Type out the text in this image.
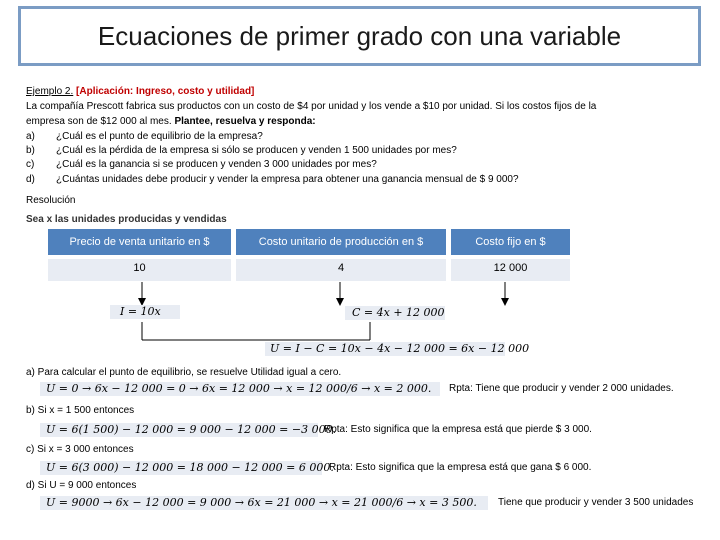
Ecuaciones de primer grado con una variable
Ejemplo 2. [Aplicación: Ingreso, costo y utilidad]
La compañía Prescott fabrica sus productos con un costo de $4 por unidad y los vende a $10 por unidad. Si los costos fijos de la
empresa son de $12 000 al mes. Plantee, resuelva y responda:
a) ¿Cuál es el punto de equilibrio de la empresa?
b) ¿Cuál es la pérdida de la empresa si sólo se producen y venden 1 500 unidades por mes?
c) ¿Cuál es la ganancia si se producen y venden 3 000 unidades por mes?
d) ¿Cuántas unidades debe producir y vender la empresa para obtener una ganancia mensual de $ 9 000?
Resolución
Sea x las unidades producidas y vendidas
Precio de venta unitario en $	Costo unitario de producción en $	Costo fijo en $
10	4	12 000
I = 10x	C = 4x + 12 000
U = I − C = 10x − 4x − 12 000 = 6x − 12 000
a) Para calcular el punto de equilibrio, se resuelve Utilidad igual a cero.
U = 0 → 6x − 12 000 = 0 → 6x = 12 000 → x = 12 000/6 → x = 2 000. Rpta: Tiene que producir y vender 2 000 unidades.
b) Si x = 1 500 entonces
U = 6(1 500) − 12 000 = 9 000 − 12 000 = −3 000.
Rpta: Esto significa que la empresa está que pierde $ 3 000.
c) Si x = 3 000 entonces
U = 6(3 000) − 12 000 = 18 000 − 12 000 = 6 000.
Rpta: Esto significa que la empresa está que gana $ 6 000.
d) Si U = 9 000 entonces
U = 9000 → 6x − 12 000 = 9 000 → 6x = 21 000 → x = 21 000/6 → x = 3 500. Tiene que producir y vender 3 500 unidades
